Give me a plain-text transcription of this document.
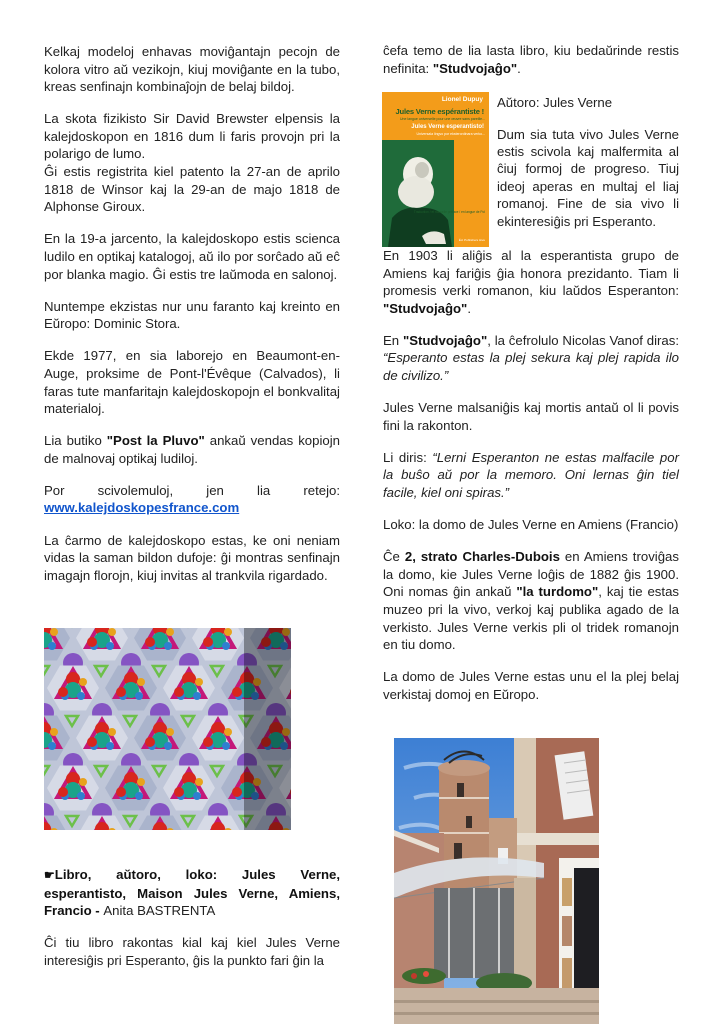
Kelkaj modeloj enhavas moviĝantajn pecojn de kolora vitro aŭ vezikojn, kiuj moviĝante en la tubo, kreas senfinajn kombinaĵojn de belaj bildoj.

La skota fizikisto Sir David Brewster elpensis la kalejdoskopon en 1816 dum li faris provojn pri la polarigo de lumo.
Ĝi estis registrita kiel patento la 27-an de aprilo 1818 de Winsor kaj la 29-an de majo 1818 de Alphonse Giroux.

En la 19-a jarcento, la kalejdoskopo estis scienca ludilo en optikaj katalogoj, aŭ ilo por sorĉado aŭ eĉ por blanka magio. Ĝi estis tre laŭmoda en salonoj.

Nuntempe ekzistas nur unu faranto kaj kreinto en Eŭropo: Dominic Stora.

Ekde 1977, en sia laborejo en Beaumont-en-Auge, proksime de Pont-l'Évêque (Calvados), li faras tute manfaritajn kalejdoskopojn el bonkvalitaj materialoj.

Lia butiko "Post la Pluvo" ankaŭ vendas kopiojn de malnovaj optikaj ludiloj.

Por scivolemuloj, jen lia retejo: www.kalejdoskopesfrance.com

La ĉarmo de kalejdoskopo estas, ke oni neniam vidas la saman bildon dufoje: ĝi montras senfinajn imagajn florojn, kiuj invitas al trankvila rigardado.

☛Libro, aŭtoro, loko: Jules Verne, esperantisto, Maison Jules Verne, Amiens, Francio - Anita BASTRENTA

Ĉi tiu libro rakontas kial kaj kiel Jules Verne interesiĝis pri Esperanto, ĝis la punkto fari ĝin la

ĉefa temo de lia lasta libro, kiu bedaŭrinde restis nefinita: "Studvojaĝo".

Lionel Dupuy
Jules Verne espérantiste !
Une langue universelle pour une œuvre sans pareille...
Jules Verne esperantisto!
Universala lingvo por eksterordinara verko...
Traduction / et nouvelle préface / en langue de Pol
Éd. Publishers Hive

Aŭtoro: Jules Verne

Dum sia tuta vivo Jules Verne estis scivola kaj malfermita al ĉiuj formoj de progreso. Tiuj ideoj aperas en multaj el liaj romanoj. Fine de sia vivo li ekinteresiĝis pri Esperanto.

En 1903 li aliĝis al la esperantista grupo de Amiens kaj fariĝis ĝia honora prezidanto. Tiam li promesis verki romanon, kiu laŭdos Esperanton: "Studvojaĝo".

En "Studvojaĝo", la ĉefrolulo Nicolas Vanof diras: “Esperanto estas la plej sekura kaj plej rapida ilo de civilizo.”

Jules Verne malsaniĝis kaj mortis antaŭ ol li povis fini la rakonton.

Li diris: “Lerni Esperanton ne estas malfacile por la buŝo aŭ por la memoro. Oni lernas ĝin tiel facile, kiel oni spiras.”

Loko: la domo de Jules Verne en Amiens (Francio)

Ĉe 2, strato Charles-Dubois en Amiens troviĝas la domo, kie Jules Verne loĝis de 1882 ĝis 1900. Oni nomas ĝin ankaŭ "la turdomo", kaj tie estas muzeo pri la vivo, verkoj kaj publika agado de la verkisto. Jules Verne verkis pli ol tridek romanojn en tiu domo.

La domo de Jules Verne estas unu el la plej belaj verkistaj domoj en Eŭropo.
